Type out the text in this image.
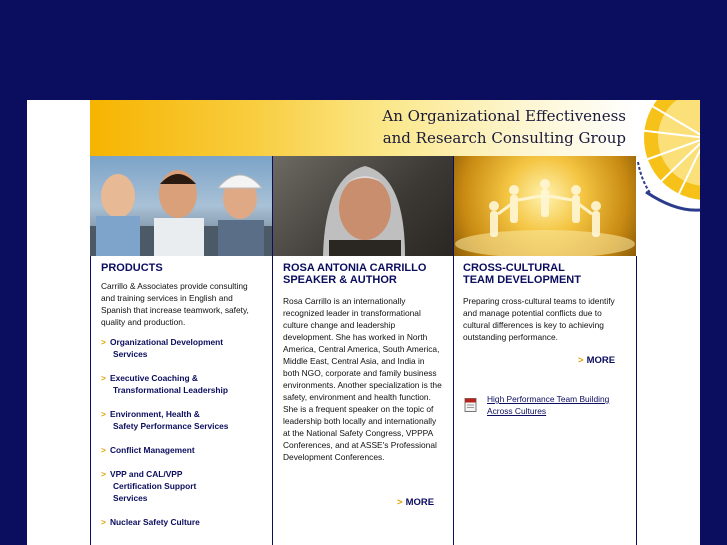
An Organizational Effectiveness
and Research Consulting Group
PRODUCTS

Carrillo & Associates provide consulting and training services in English and Spanish that increase teamwork, safety, quality and production.

> Organizational Development
Services
> Executive Coaching &
Transformational Leadership
> Environment, Health &
Safety Performance Services
> Conflict Management
> VPP and CAL/VPP
Certification Support
Services
> Nuclear Safety Culture
ROSA ANTONIA CARRILLO
SPEAKER & AUTHOR

Rosa Carrillo is an internationally recognized leader in transformational culture change and leadership development. She has worked in North America, Central America, South America, Middle East, Central Asia, and India in both NGO, corporate and family business environments. Another specialization is the safety, environment and health function. She is a frequent speaker on the topic of leadership both locally and internationally at the National Safety Congress, VPPPA Conferences, and at ASSE's Professional Development Conferences.

> MORE
CROSS-CULTURAL
TEAM DEVELOPMENT

Preparing cross-cultural teams to identify and manage potential conflicts due to cultural differences is key to achieving outstanding performance.

> MORE
High Performance Team Building
Across Cultures
